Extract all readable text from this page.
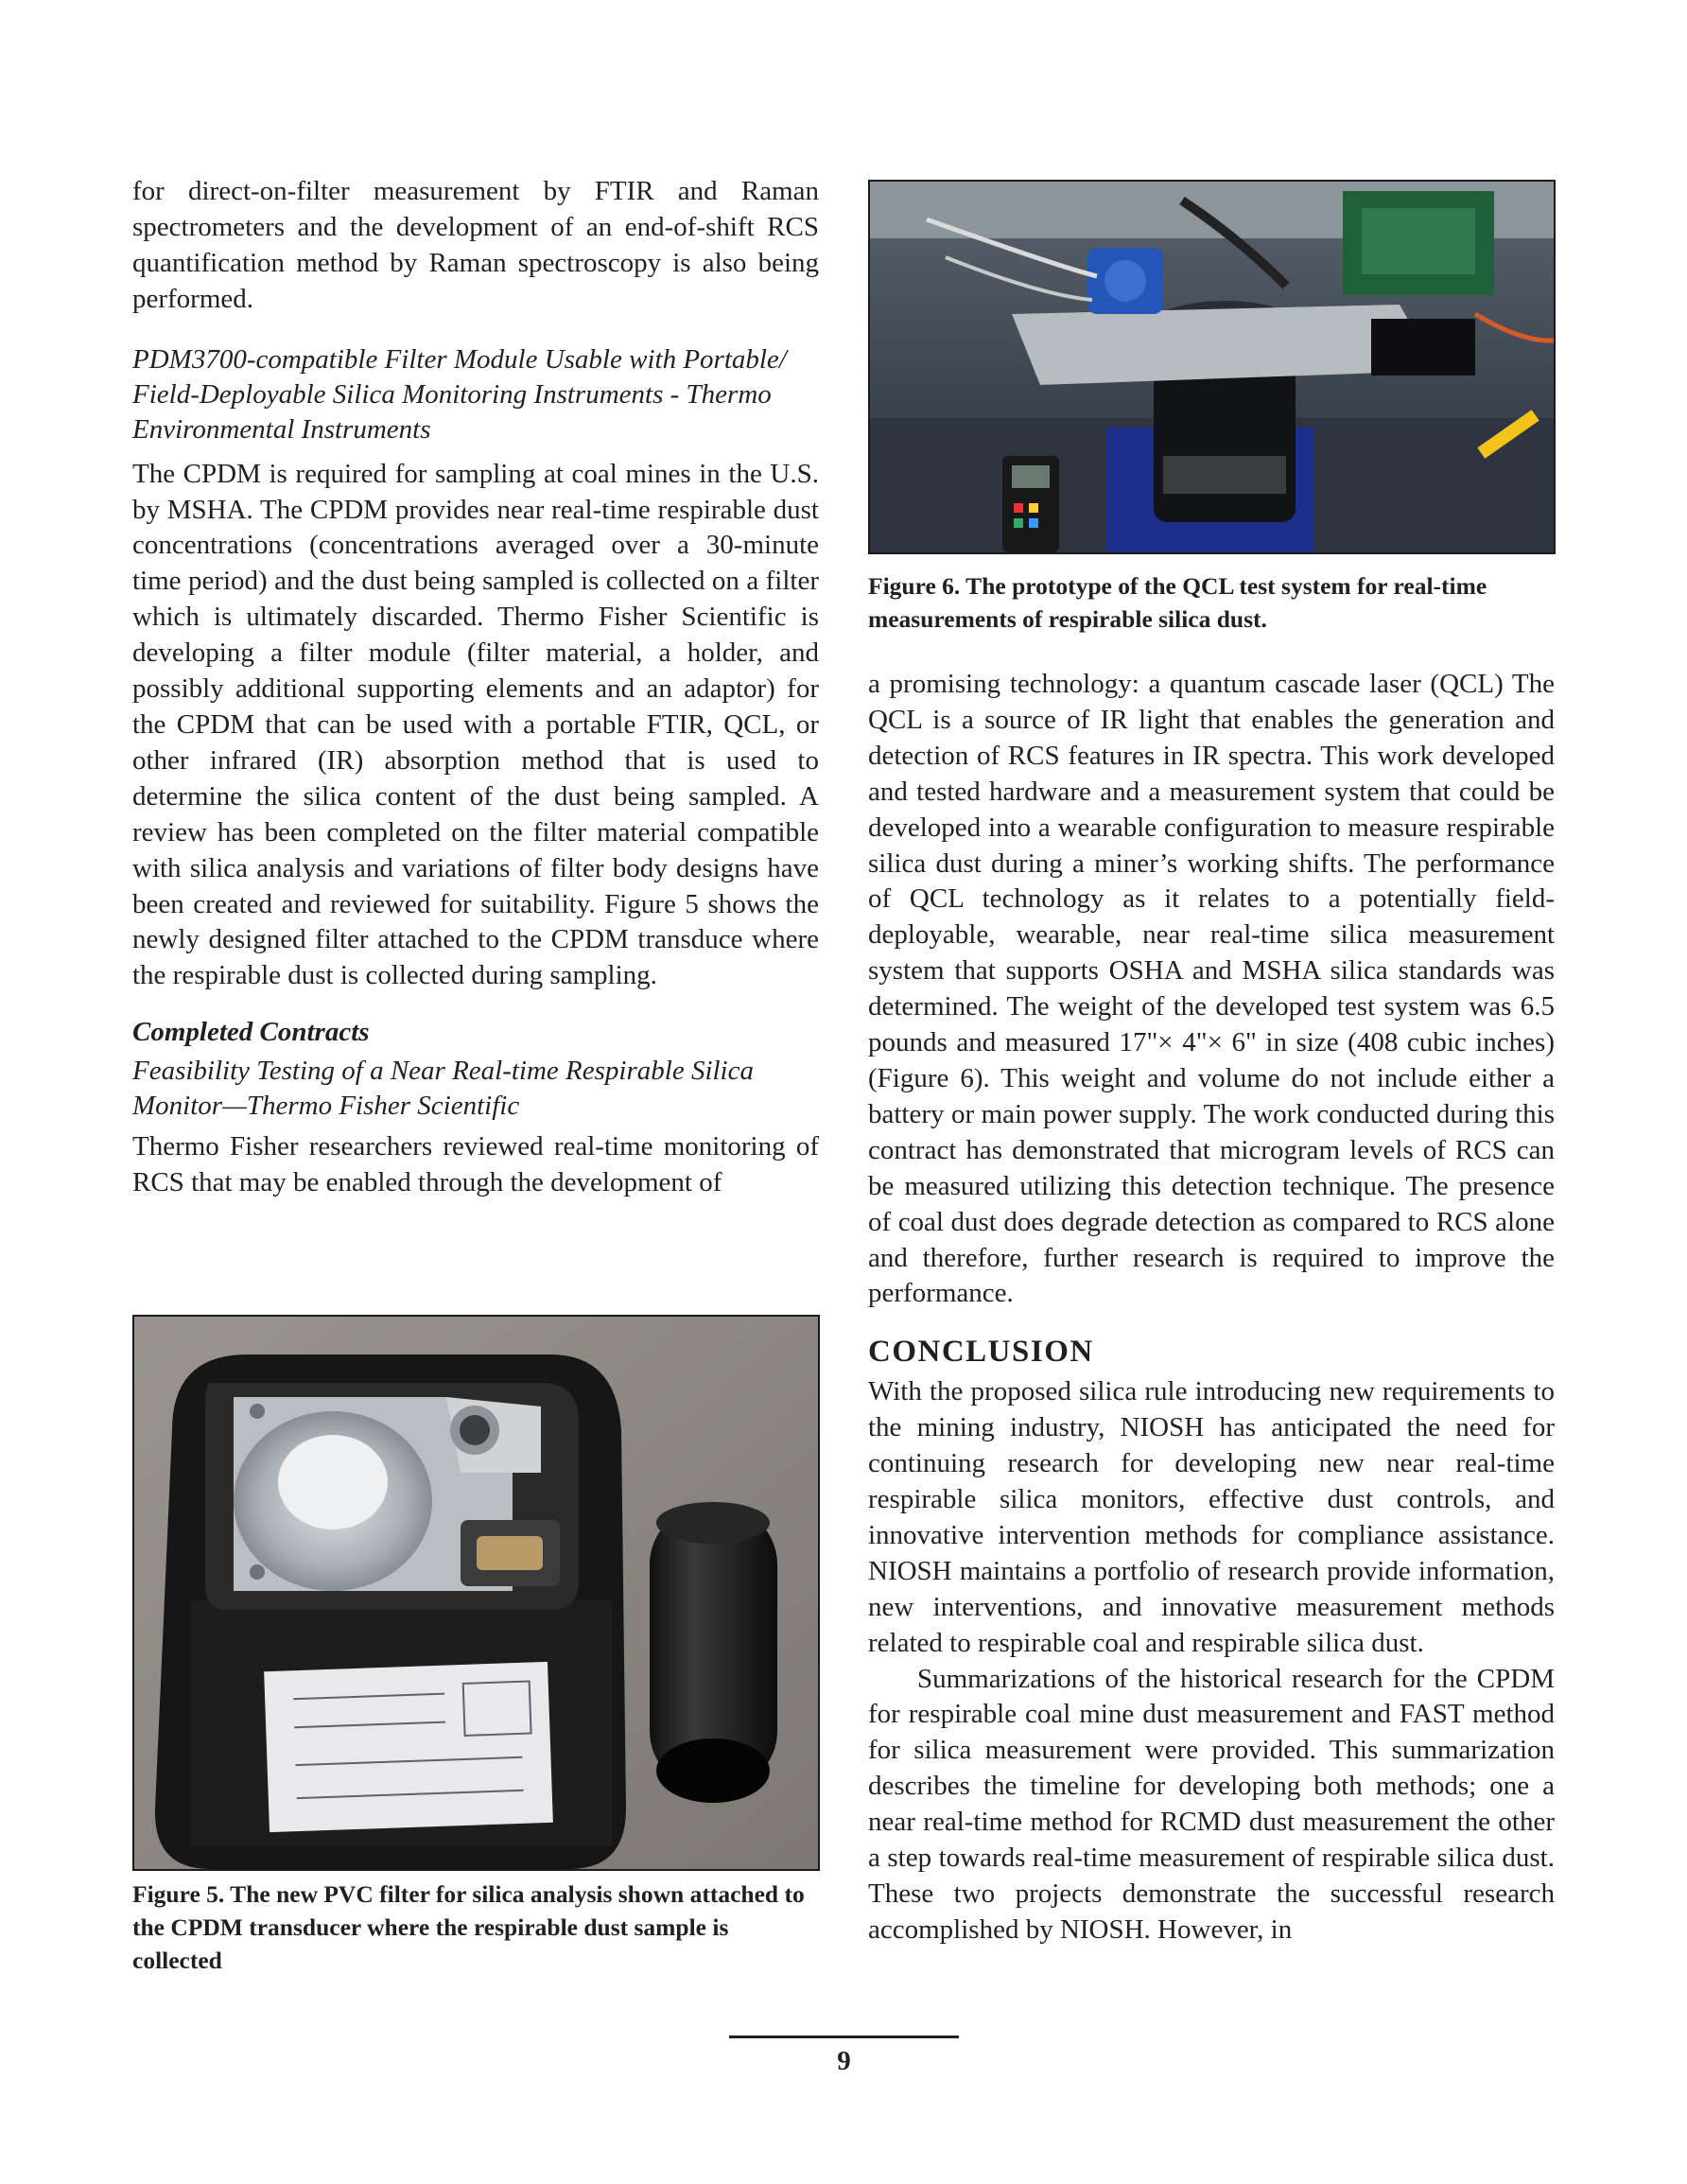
for direct-on-filter measurement by FTIR and Raman spectrometers and the development of an end-of-shift RCS quantification method by Raman spectroscopy is also being performed.

PDM3700-compatible Filter Module Usable with Portable/ Field-Deployable Silica Monitoring Instruments - Thermo Environmental Instruments

The CPDM is required for sampling at coal mines in the U.S. by MSHA. The CPDM provides near real-time respirable dust concentrations (concentrations averaged over a 30-minute time period) and the dust being sampled is collected on a filter which is ultimately discarded. Thermo Fisher Scientific is developing a filter module (filter material, a holder, and possibly additional supporting elements and an adaptor) for the CPDM that can be used with a portable FTIR, QCL, or other infrared (IR) absorption method that is used to determine the silica content of the dust being sampled. A review has been completed on the filter material compatible with silica analysis and variations of filter body designs have been created and reviewed for suitability. Figure 5 shows the newly designed filter attached to the CPDM transduce where the respirable dust is collected during sampling.

Completed Contracts

Feasibility Testing of a Near Real-time Respirable Silica Monitor—Thermo Fisher Scientific

Thermo Fisher researchers reviewed real-time monitoring of RCS that may be enabled through the development of

Figure 6. The prototype of the QCL test system for real-time measurements of respirable silica dust.

a promising technology: a quantum cascade laser (QCL) The QCL is a source of IR light that enables the generation and detection of RCS features in IR spectra. This work developed and tested hardware and a measurement system that could be developed into a wearable configuration to measure respirable silica dust during a miner’s working shifts. The performance of QCL technology as it relates to a potentially field-deployable, wearable, near real-time silica measurement system that supports OSHA and MSHA silica standards was determined. The weight of the developed test system was 6.5 pounds and measured 17"× 4"× 6" in size (408 cubic inches) (Figure 6). This weight and volume do not include either a battery or main power supply. The work conducted during this contract has demonstrated that microgram levels of RCS can be measured utilizing this detection technique. The presence of coal dust does degrade detection as compared to RCS alone and therefore, further research is required to improve the performance.

CONCLUSION

With the proposed silica rule introducing new requirements to the mining industry, NIOSH has anticipated the need for continuing research for developing new near real-time respirable silica monitors, effective dust controls, and innovative intervention methods for compliance assistance. NIOSH maintains a portfolio of research provide information, new interventions, and innovative measurement methods related to respirable coal and respirable silica dust.

Summarizations of the historical research for the CPDM for respirable coal mine dust measurement and FAST method for silica measurement were provided. This summarization describes the timeline for developing both methods; one a near real-time method for RCMD dust measurement the other a step towards real-time measurement of respirable silica dust. These two projects demonstrate the successful research accomplished by NIOSH. However, in

Figure 5. The new PVC filter for silica analysis shown attached to the CPDM transducer where the respirable dust sample is collected

9
